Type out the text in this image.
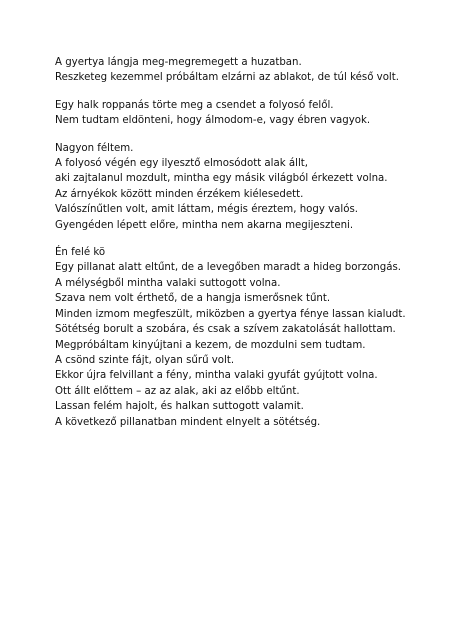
A gyertya lángja meg-megremegett a huzatban.
Reszketeg kezemmel próbáltam elzárni az ablakot, de túl késő volt.
Egy halk roppanás törte meg a csendet a folyosó felől.
Nem tudtam eldönteni, hogy álmodom-e, vagy ébren vagyok.
Nagyon féltem.
A folyosó végén egy ilyesztő elmosódott alak állt,
aki zajtalanul mozdult, mintha egy másik világból érkezett volna.
Az árnyékok között minden érzékem kiélesedett.
Valószínűtlen volt, amit láttam, mégis éreztem, hogy valós.
Gyengéden lépett előre, mintha nem akarna megijeszteni.
Én felé kö
Egy pillanat alatt eltűnt, de a levegőben maradt a hideg borzongás.
A mélységből mintha valaki suttogott volna.
Szava nem volt érthető, de a hangja ismerősnek tűnt.
Minden izmom megfeszült, miközben a gyertya fénye lassan kialudt.
Sötétség borult a szobára, és csak a szívem zakatolását hallottam.
Megpróbáltam kinyújtani a kezem, de mozdulni sem tudtam.
A csönd szinte fájt, olyan sűrű volt.
Ekkor újra felvillant a fény, mintha valaki gyufát gyújtott volna.
Ott állt előttem – az az alak, aki az előbb eltűnt.
Lassan felém hajolt, és halkan suttogott valamit.
A következő pillanatban mindent elnyelt a sötétség.
